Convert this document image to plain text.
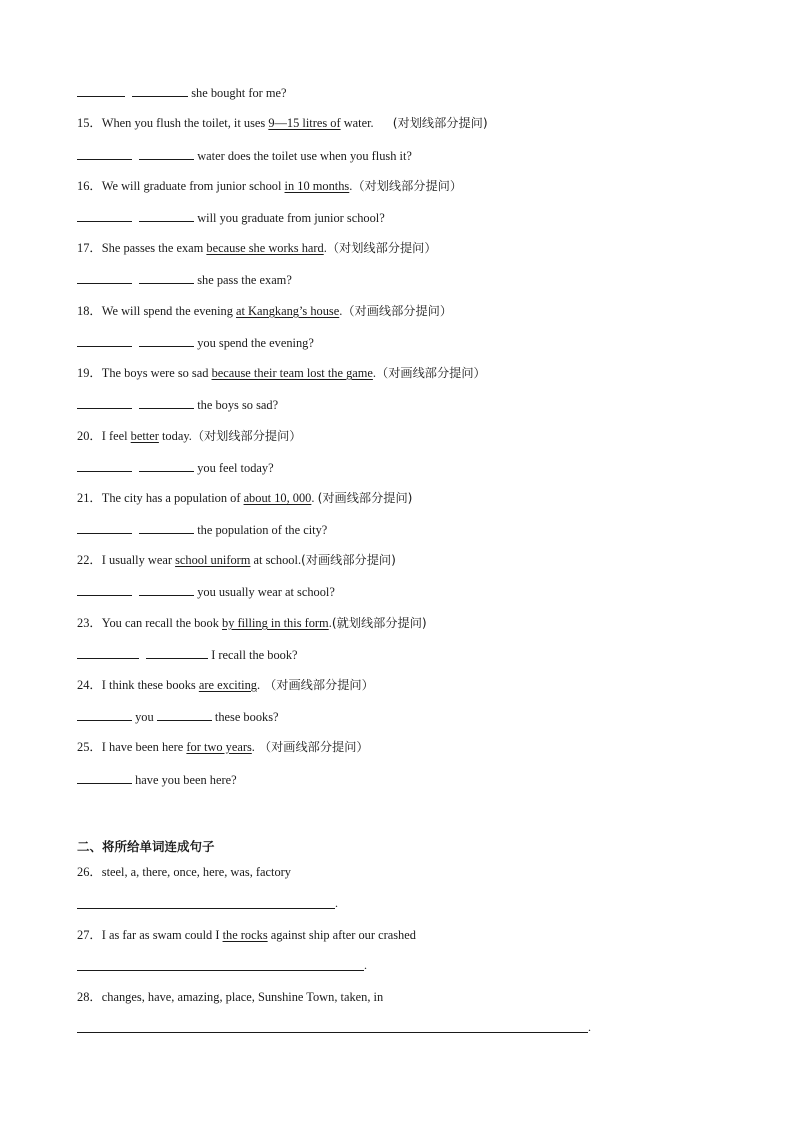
she bought for me?
15．When you flush the toilet, it uses 9—15 litres of water. (对划线部分提问)
water does the toilet use when you flush it?
16．We will graduate from junior school in 10 months.（对划线部分提问）
will you graduate from junior school?
17．She passes the exam because she works hard.（对划线部分提问）
she pass the exam?
18．We will spend the evening at Kangkang’s house.（对画线部分提问）
you spend the evening?
19．The boys were so sad because their team lost the game.（对画线部分提问）
the boys so sad?
20．I feel better today.（对划线部分提问）
you feel today?
21．The city has a population of about 10, 000. (对画线部分提问)
the population of the city?
22．I usually wear school uniform at school.(对画线部分提问)
you usually wear at school?
23．You can recall the book by filling in this form.(就划线部分提问)
I recall the book?
24．I think these books are exciting. （对画线部分提问）
you	these books?
25．I have been here for two years. （对画线部分提问）
have you been here?
二、将所给单词连成句子
26．steel, a, there, once, here, was, factory
.
27．I as far as swam could I the rocks against ship after our crashed
.
28．changes, have, amazing, place, Sunshine Town, taken, in
.
